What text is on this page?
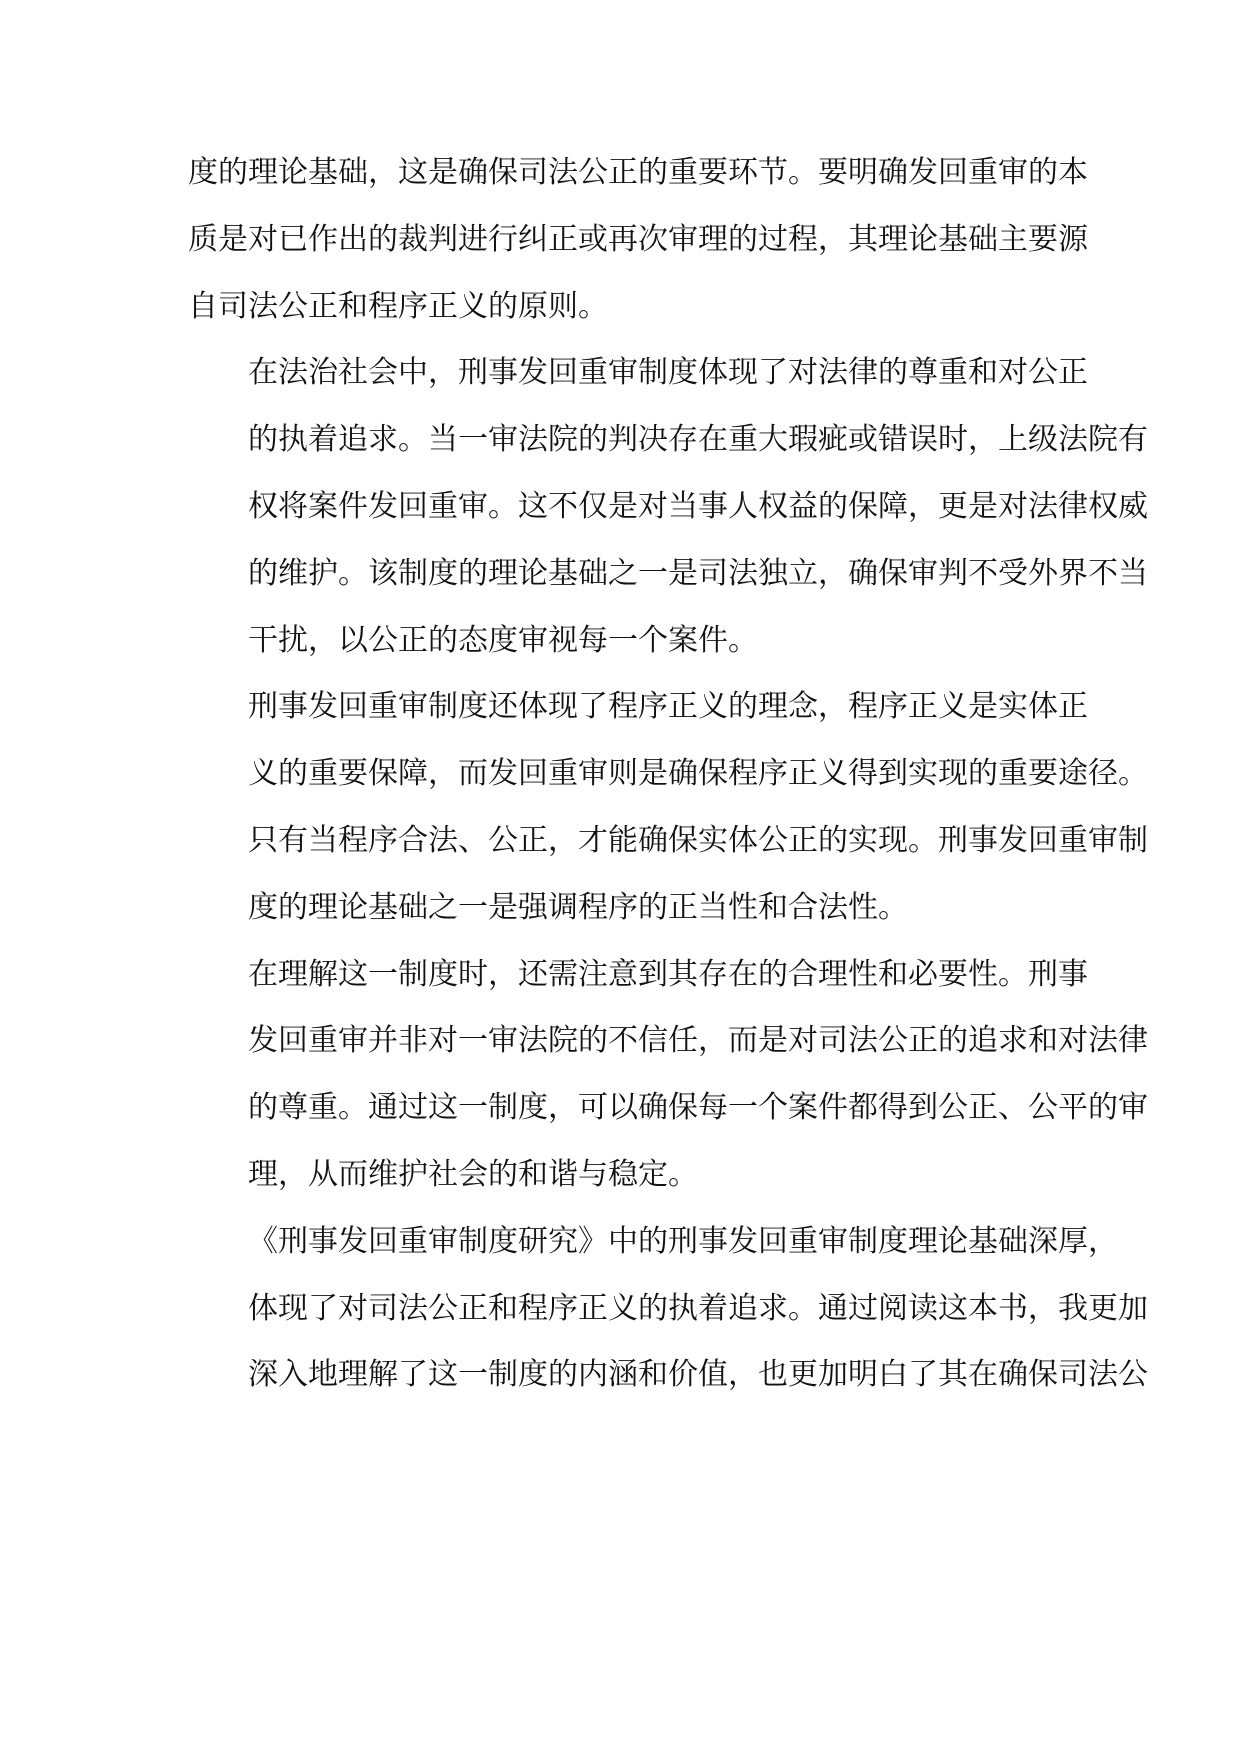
度的理论基础，这是确保司法公正的重要环节。要明确发回重审的本
质是对已作出的裁判进行纠正或再次审理的过程，其理论基础主要源
自司法公正和程序正义的原则。

在法治社会中，刑事发回重审制度体现了对法律的尊重和对公正
的执着追求。当一审法院的判决存在重大瑕疵或错误时，上级法院有
权将案件发回重审。这不仅是对当事人权益的保障，更是对法律权威
的维护。该制度的理论基础之一是司法独立，确保审判不受外界不当
干扰，以公正的态度审视每一个案件。

刑事发回重审制度还体现了程序正义的理念，程序正义是实体正
义的重要保障，而发回重审则是确保程序正义得到实现的重要途径。
只有当程序合法、公正，才能确保实体公正的实现。刑事发回重审制
度的理论基础之一是强调程序的正当性和合法性。

在理解这一制度时，还需注意到其存在的合理性和必要性。刑事
发回重审并非对一审法院的不信任，而是对司法公正的追求和对法律
的尊重。通过这一制度，可以确保每一个案件都得到公正、公平的审
理，从而维护社会的和谐与稳定。

《刑事发回重审制度研究》中的刑事发回重审制度理论基础深厚，
体现了对司法公正和程序正义的执着追求。通过阅读这本书，我更加
深入地理解了这一制度的内涵和价值，也更加明白了其在确保司法公
